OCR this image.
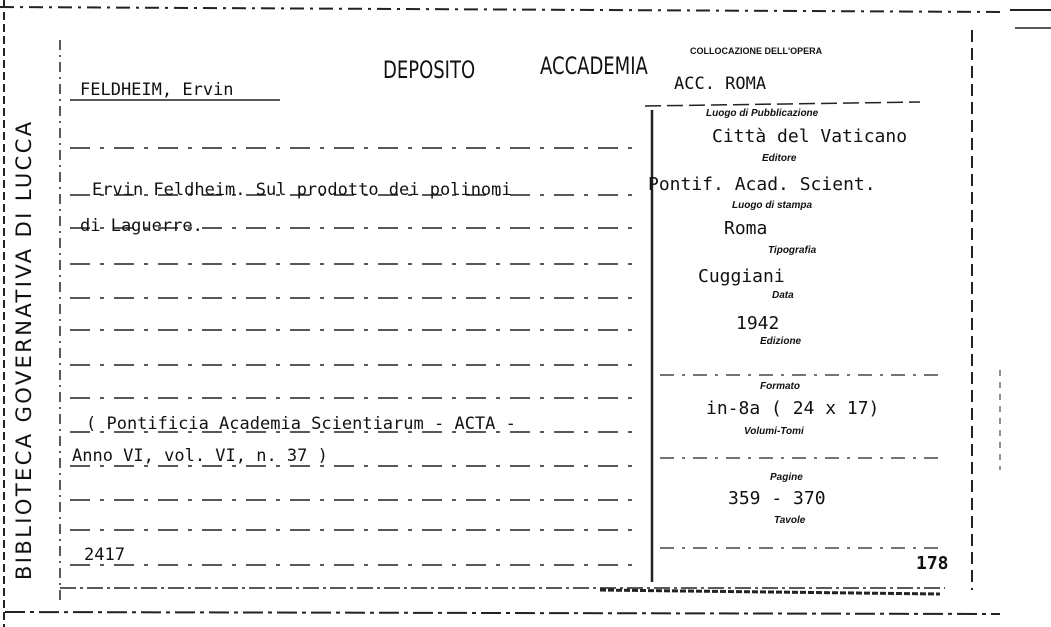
BIBLIOTECA GOVERNATIVA DI LUCCA
DEPOSITO	ACCADEMIA
COLLOCAZIONE DELL'OPERA
ACC. ROMA
FELDHEIM, Ervin
Ervin Feldheim. Sul prodotto dei polinomi
di Laguerre.
( Pontificia Academia Scientiarum - ACTA -
Anno VI, vol. VI, n. 37 )
2417	178
Luogo di Pubblicazione
Città del Vaticano
Editore
Pontif. Acad. Scient.
Luogo di stampa
Roma
Tipografia
Cuggiani
Data
1942
Edizione
Formato
in-8a ( 24 x 17)
Volumi-Tomi
Pagine
359 - 370
Tavole
